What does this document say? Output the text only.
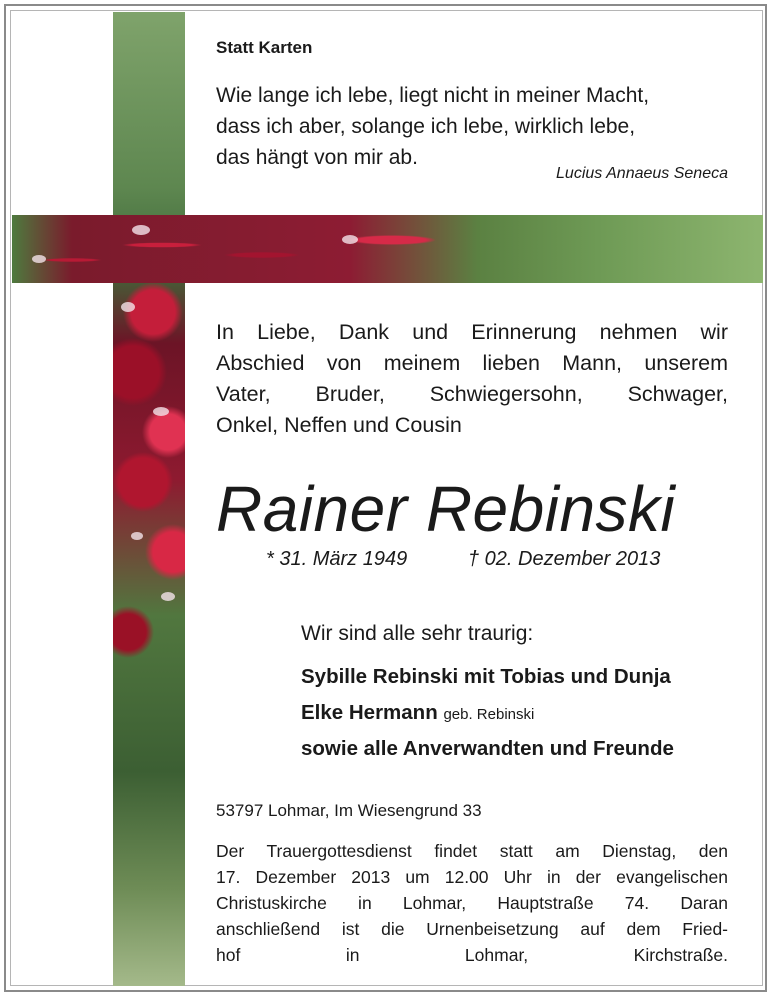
Statt Karten
Wie lange ich lebe, liegt nicht in meiner Macht,
dass ich aber, solange ich lebe, wirklich lebe,
das hängt von mir ab.
Lucius Annaeus Seneca
In Liebe, Dank und Erinnerung nehmen wir
Abschied von meinem lieben Mann, unserem
Vater, Bruder, Schwiegersohn, Schwager,
Onkel, Neffen und Cousin
Rainer Rebinski
* 31. März 1949	† 02. Dezember 2013
Wir sind alle sehr traurig:
Sybille Rebinski mit Tobias und Dunja
Elke Hermann geb. Rebinski
sowie alle Anverwandten und Freunde
53797 Lohmar, Im Wiesengrund 33
Der Trauergottesdienst findet statt am Dienstag, den
17. Dezember 2013 um 12.00 Uhr in der evangelischen
Christuskirche in Lohmar, Hauptstraße 74. Daran
anschließend ist die Urnenbeisetzung auf dem Fried-
hof in Lohmar, Kirchstraße.
